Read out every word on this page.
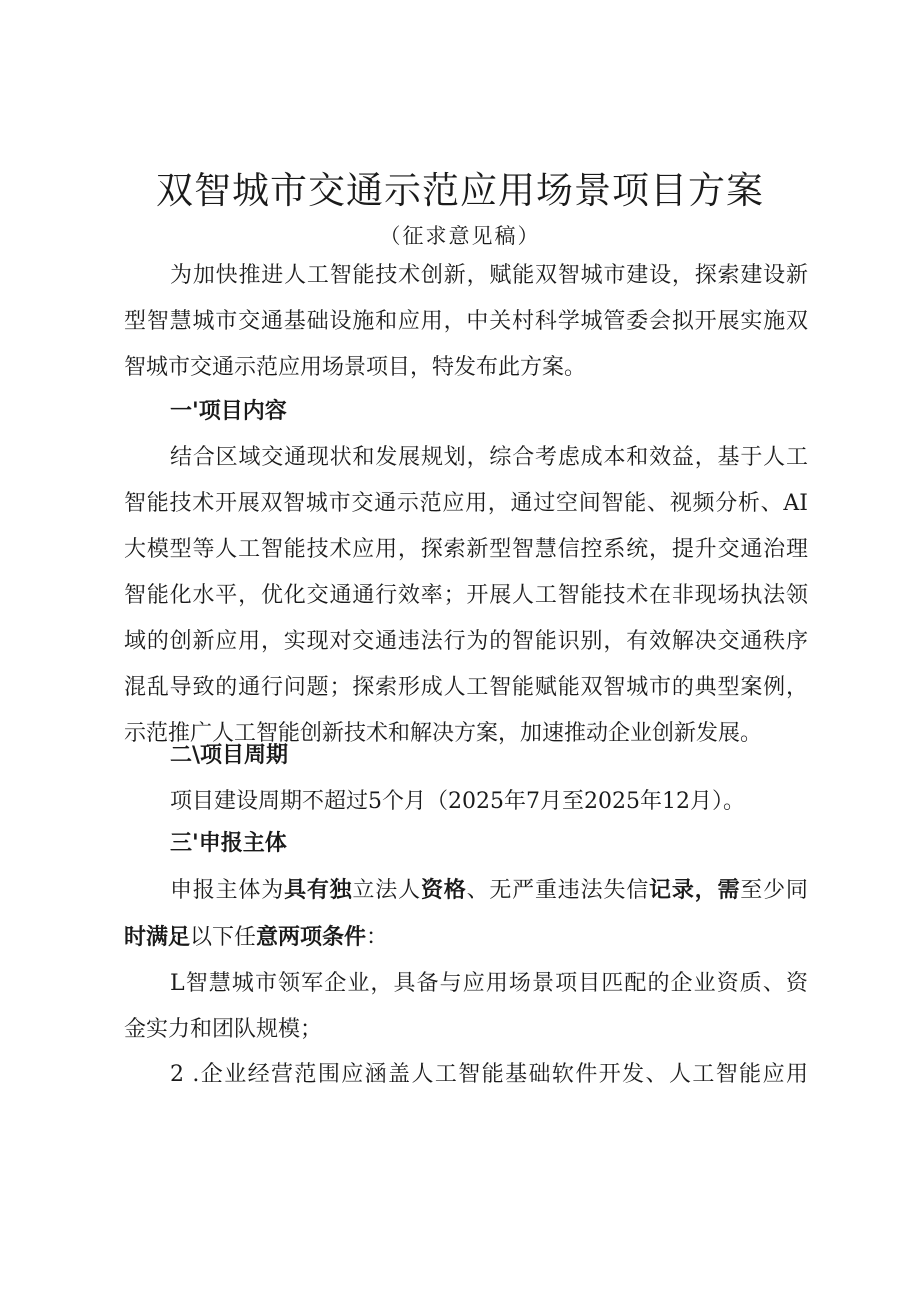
双智城市交通示范应用场景项目方案
（征求意见稿）
为加快推进人工智能技术创新，赋能双智城市建设，探索建设新
型智慧城市交通基础设施和应用，中关村科学城管委会拟开展实施双
智城市交通示范应用场景项目，特发布此方案。
一'项目内容
结合区域交通现状和发展规划，综合考虑成本和效益，基于人工
智能技术开展双智城市交通示范应用，通过空间智能、视频分析、AI
大模型等人工智能技术应用，探索新型智慧信控系统，提升交通治理
智能化水平，优化交通通行效率；开展人工智能技术在非现场执法领
域的创新应用，实现对交通违法行为的智能识别，有效解决交通秩序
混乱导致的通行问题；探索形成人工智能赋能双智城市的典型案例，
示范推广人工智能创新技术和解决方案，加速推动企业创新发展。
二\项目周期
项目建设周期不超过5个月（2025年7月至2025年12月）。
三'申报主体
申报主体为具有独立法人资格、无严重违法失信记录，需至少同
时满足以下任意两项条件：
L智慧城市领军企业，具备与应用场景项目匹配的企业资质、资
金实力和团队规模；
2 .企业经营范围应涵盖人工智能基础软件开发、人工智能应用
